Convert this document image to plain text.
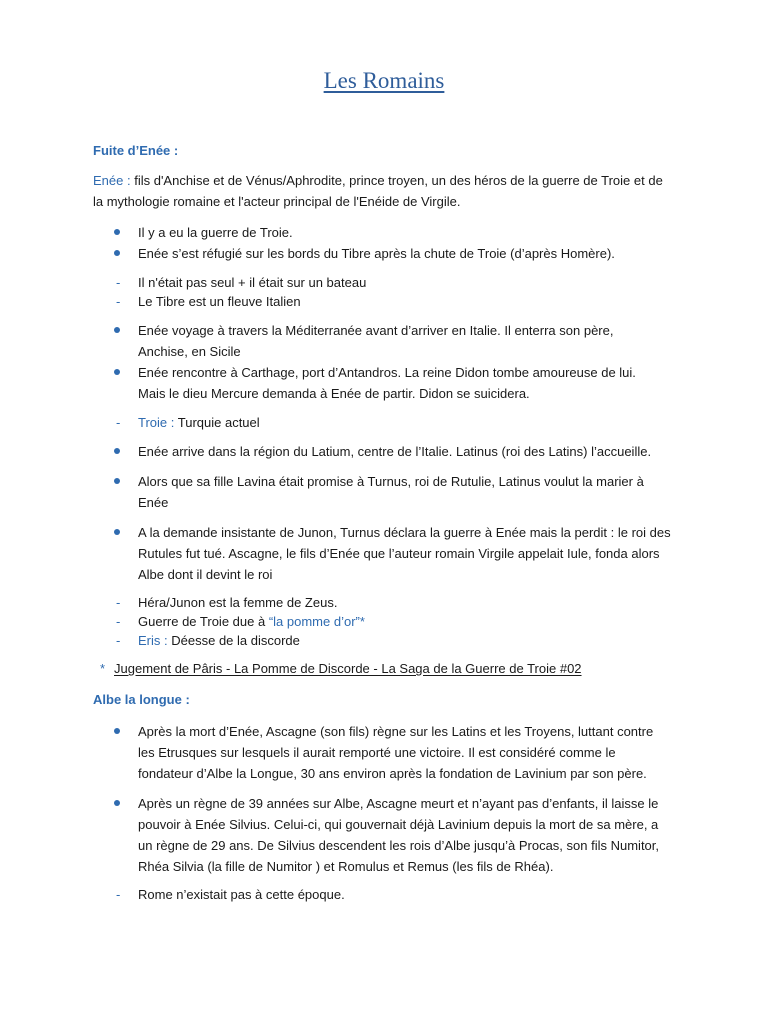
Les Romains
Fuite d’Enée :
Enée : fils d'Anchise et de Vénus/Aphrodite, prince troyen, un des héros de la guerre de Troie et de
la mythologie romaine et l'acteur principal de l'Enéide de Virgile.
Il y a eu la guerre de Troie.
Enée s’est réfugié sur les bords du Tibre après la chute de Troie (d’après Homère).
- Il n'était pas seul + il était sur un bateau
- Le Tibre est un fleuve Italien
Enée voyage à travers la Méditerranée avant d’arriver en Italie. Il enterra son père,
Anchise, en Sicile
Enée rencontre à Carthage, port d’Antandros. La reine Didon tombe amoureuse de lui.
Mais le dieu Mercure demanda à Enée de partir. Didon se suicidera.
- Troie : Turquie actuel
Enée arrive dans la région du Latium, centre de l’Italie. Latinus (roi des Latins) l’accueille.
Alors que sa fille Lavina était promise à Turnus, roi de Rutulie, Latinus voulut la marier à
Enée
A la demande insistante de Junon, Turnus déclara la guerre à Enée mais la perdit : le roi des
Rutules fut tué. Ascagne, le fils d’Enée que l’auteur romain Virgile appelait Iule, fonda alors
Albe dont il devint le roi
- Héra/Junon est la femme de Zeus.
- Guerre de Troie due à “la pomme d’or”*
- Eris : Déesse de la discorde
* Jugement de Pâris - La Pomme de Discorde - La Saga de la Guerre de Troie #02
Albe la longue :
Après la mort d’Enée, Ascagne (son fils) règne sur les Latins et les Troyens, luttant contre
les Etrusques sur lesquels il aurait remporté une victoire. Il est considéré comme le
fondateur d’Albe la Longue, 30 ans environ après la fondation de Lavinium par son père.
Après un règne de 39 années sur Albe, Ascagne meurt et n’ayant pas d’enfants, il laisse le
pouvoir à Enée Silvius. Celui-ci, qui gouvernait déjà Lavinium depuis la mort de sa mère, a
un règne de 29 ans. De Silvius descendent les rois d’Albe jusqu’à Procas, son fils Numitor,
Rhéa Silvia (la fille de Numitor ) et Romulus et Remus (les fils de Rhéa).
- Rome n’existait pas à cette époque.
